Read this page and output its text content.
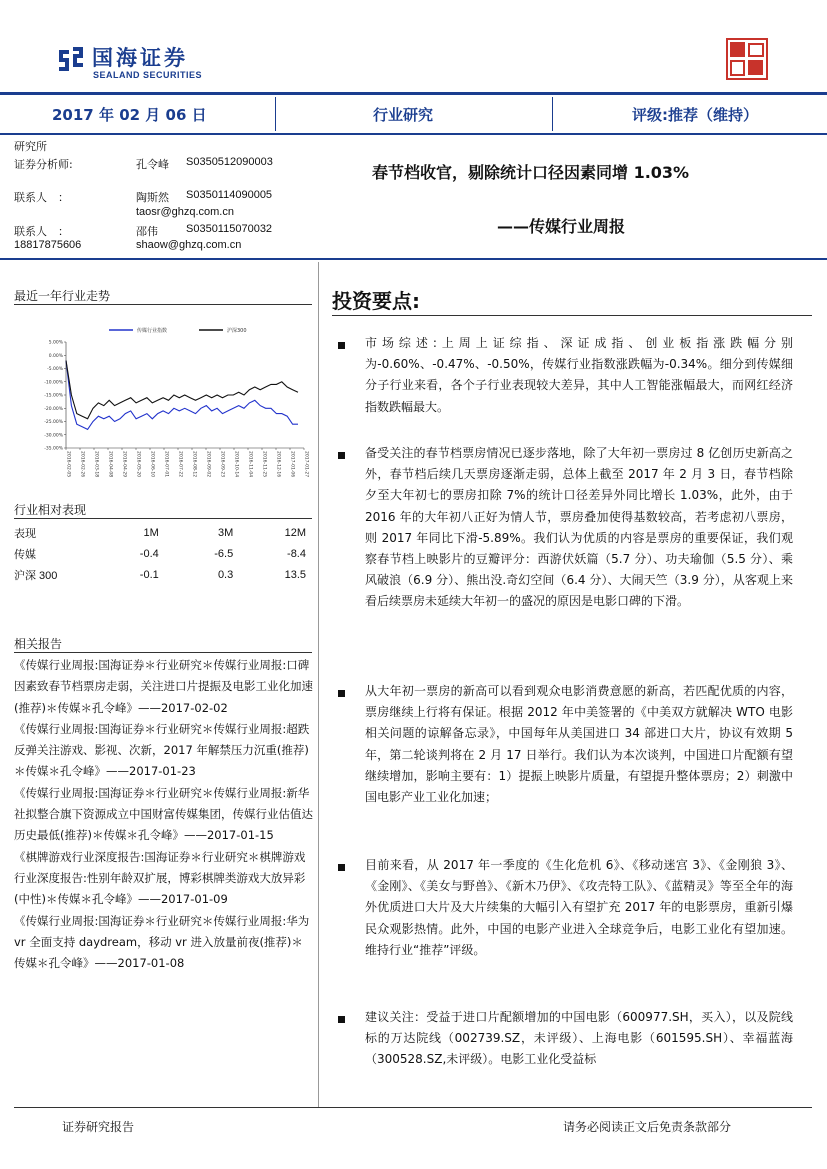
国海证券
SEALAND SECURITIES
2017 年 02 月 06 日	行业研究	评级:推荐（维持）
研究所
证券分析师:	孔令峰 S0350512090003
联系人　：	陶斯然 S0350114090005
taosr@ghzq.com.cn
联系人　：	邵伟	S0350115070032
18817875606	shaow@ghzq.com.cn
春节档收官，剔除统计口径因素同增 1.03%
——传媒行业周报
最近一年行业走势
5.00%
0.00%
-5.00%
-10.00%
-15.00%
-20.00%
-25.00%
-30.00%
-35.00%
2016-02-05 2016-02-26 2016-03-18 2016-04-08 2016-04-29 2016-05-20 2016-06-10 2016-07-01 2016-07-22 2016-08-12 2016-09-02 2016-09-23 2016-10-14 2016-11-04 2016-11-25 2016-12-16 2017-01-06 2017-01-27
传媒行业指数	沪深300
行业相对表现
表现	1M	3M	12M
传媒	-0.4	-6.5	-8.4
沪深 300	-0.1	0.3	13.5
相关报告
《传媒行业周报:国海证券＊行业研究＊传媒行业周报:口碑因素致春节档票房走弱，关注进口片提振及电影工业化加速(推荐)＊传媒＊孔令峰》——2017-02-02
《传媒行业周报:国海证券＊行业研究＊传媒行业周报:超跌反弹关注游戏、影视、次新，2017 年解禁压力沉重(推荐)＊传媒＊孔令峰》——2017-01-23
《传媒行业周报:国海证券＊行业研究＊传媒行业周报:新华社拟整合旗下资源成立中国财富传媒集团，传媒行业估值达历史最低(推荐)＊传媒＊孔令峰》——2017-01-15
《棋牌游戏行业深度报告:国海证券＊行业研究＊棋牌游戏行业深度报告:性别年龄双扩展，博彩棋牌类游戏大放异彩(中性)＊传媒＊孔令峰》——2017-01-09
《传媒行业周报:国海证券＊行业研究＊传媒行业周报:华为 vr 全面支持 daydream，移动 vr 进入放量前夜(推荐)＊传媒＊孔令峰》——2017-01-08
投资要点:
市场综述:上周上证综指、深证成指、创业板指涨跌幅分别为-0.60%、-0.47%、-0.50%，传媒行业指数涨跌幅为-0.34%。细分到传媒细分子行业来看，各个子行业表现较大差异，其中人工智能涨幅最大，而网红经济指数跌幅最大。
备受关注的春节档票房情况已逐步落地，除了大年初一票房过 8 亿创历史新高之外，春节档后续几天票房逐渐走弱，总体上截至 2017 年 2 月 3 日，春节档除夕至大年初七的票房扣除 7%的统计口径差异外同比增长 1.03%，此外，由于 2016 年的大年初八正好为情人节，票房叠加使得基数较高，若考虑初八票房，则 2017 年同比下滑-5.89%。我们认为优质的内容是票房的重要保证，我们观察春节档上映影片的豆瓣评分：西游伏妖篇（5.7 分）、功夫瑜伽（5.5 分）、乘风破浪（6.9 分）、熊出没.奇幻空间（6.4 分）、大闹天竺（3.9 分），从客观上来看后续票房未延续大年初一的盛况的原因是电影口碑的下滑。
从大年初一票房的新高可以看到观众电影消费意愿的新高，若匹配优质的内容，票房继续上行将有保证。根据 2012 年中美签署的《中美双方就解决 WTO 电影相关问题的谅解备忘录》，中国每年从美国进口 34 部进口大片，协议有效期 5 年，第二轮谈判将在 2 月 17 日举行。我们认为本次谈判，中国进口片配额有望继续增加，影响主要有：1）提振上映影片质量，有望提升整体票房；2）刺激中国电影产业工业化加速；
目前来看，从 2017 年一季度的《生化危机 6》、《移动迷宫 3》、《金刚狼 3》、《金刚》、《美女与野兽》、《新木乃伊》、《攻壳特工队》、《蓝精灵》等至全年的海外优质进口大片及大片续集的大幅引入有望扩充 2017 年的电影票房，重新引爆民众观影热情。此外，中国的电影产业进入全球竞争后，电影工业化有望加速。维持行业“推荐”评级。
建议关注：受益于进口片配额增加的中国电影（600977.SH，买入），以及院线标的万达院线（002739.SZ，未评级）、上海电影（601595.SH）、幸福蓝海（300528.SZ,未评级）。电影工业化受益标
证券研究报告	请务必阅读正文后免责条款部分
